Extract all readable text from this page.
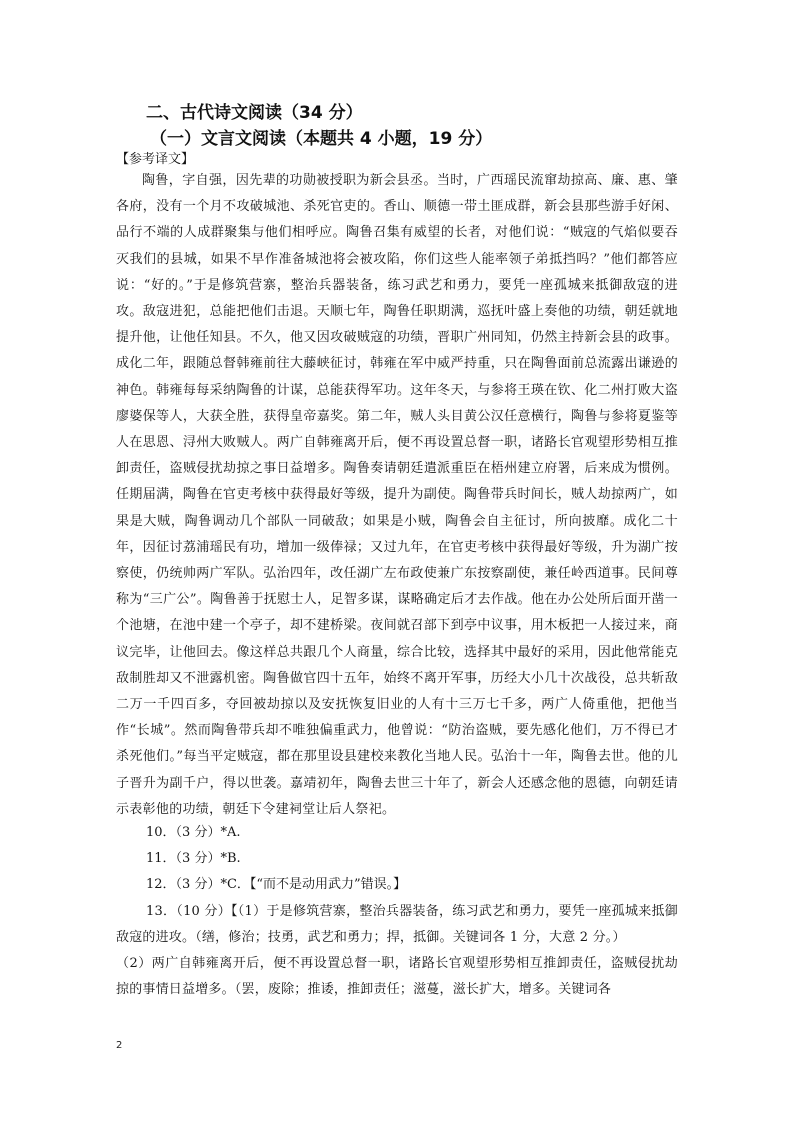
二、古代诗文阅读（34 分）
（一）文言文阅读（本题共 4 小题，19 分）
【参考译文】

陶鲁，字自强，因先辈的功勋被授职为新会县丞。当时，广西瑶民流窜劫掠高、廉、惠、肇各府，没有一个月不攻破城池、杀死官吏的。香山、顺德一带土匪成群，新会县那些游手好闲、品行不端的人成群聚集与他们相呼应。陶鲁召集有威望的长者，对他们说：“贼寇的气焰似要吞灭我们的县城，如果不早作准备城池将会被攻陷，你们这些人能率领子弟抵挡吗？”他们都答应说：“好的。”于是修筑营寨，整治兵器装备，练习武艺和勇力，要凭一座孤城来抵御敌寇的进攻。敌寇进犯，总能把他们击退。天顺七年，陶鲁任职期满，巡抚叶盛上奏他的功绩，朝廷就地提升他，让他任知县。不久，他又因攻破贼寇的功绩，晋职广州同知，仍然主持新会县的政事。成化二年，跟随总督韩雍前往大藤峡征讨，韩雍在军中威严持重，只在陶鲁面前总流露出谦逊的神色。韩雍每每采纳陶鲁的计谋，总能获得军功。这年冬天，与参将王瑛在钦、化二州打败大盗廖婆保等人，大获全胜，获得皇帝嘉奖。第二年，贼人头目黄公汉任意横行，陶鲁与参将夏鉴等人在思恩、浔州大败贼人。两广自韩雍离开后，便不再设置总督一职，诸路长官观望形势相互推卸责任，盗贼侵扰劫掠之事日益增多。陶鲁奏请朝廷遣派重臣在梧州建立府署，后来成为惯例。任期届满，陶鲁在官吏考核中获得最好等级，提升为副使。陶鲁带兵时间长，贼人劫掠两广，如果是大贼，陶鲁调动几个部队一同破敌；如果是小贼，陶鲁会自主征讨，所向披靡。成化二十年，因征讨荔浦瑶民有功，增加一级俸禄；又过九年，在官吏考核中获得最好等级，升为湖广按察使，仍统帅两广军队。弘治四年，改任湖广左布政使兼广东按察副使，兼任岭西道事。民间尊称为“三广公”。陶鲁善于抚慰士人，足智多谋，谋略确定后才去作战。他在办公处所后面开凿一个池塘，在池中建一个亭子，却不建桥梁。夜间就召部下到亭中议事，用木板把一人接过来，商议完毕，让他回去。像这样总共跟几个人商量，综合比较，选择其中最好的采用，因此他常能克敌制胜却又不泄露机密。陶鲁做官四十五年，始终不离开军事，历经大小几十次战役，总共斩敌二万一千四百多，夺回被劫掠以及安抚恢复旧业的人有十三万七千多，两广人倚重他，把他当作“长城”。然而陶鲁带兵却不唯独偏重武力，他曾说：“防治盗贼，要先感化他们，万不得已才杀死他们。”每当平定贼寇，都在那里设县建校来教化当地人民。弘治十一年，陶鲁去世。他的儿子晋升为副千户，得以世袭。嘉靖初年，陶鲁去世三十年了，新会人还感念他的恩德，向朝廷请示表彰他的功绩，朝廷下令建祠堂让后人祭祀。

10．（3 分）*A.

11．（3 分）*B.

12．（3 分）*C．【“而不是动用武力”错误。】

13．（10 分）【（1）于是修筑营寨，整治兵器装备，练习武艺和勇力，要凭一座孤城来抵御敌寇的进攻。（缮，修治；技勇，武艺和勇力；捍，抵御。关键词各 1 分，大意 2 分。）

（2）两广自韩雍离开后，便不再设置总督一职，诸路长官观望形势相互推卸责任，盗贼侵扰劫掠的事情日益增多。（罢，废除；推诿，推卸责任；滋蔓，滋长扩大，增多。关键词各

2
